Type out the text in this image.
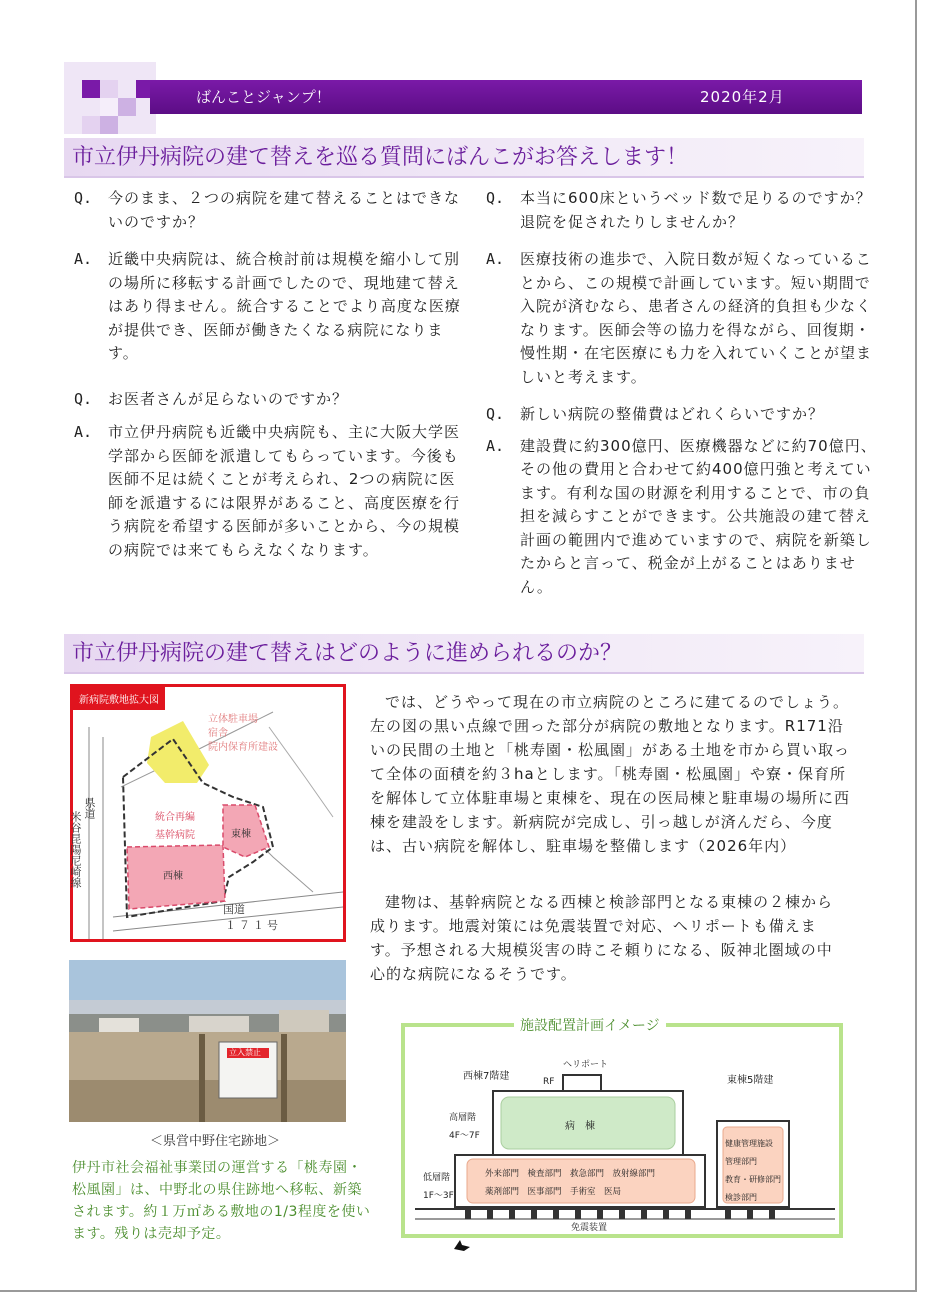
ばんことジャンプ！	2020年2月
市立伊丹病院の建て替えを巡る質問にばんこがお答えします！
Q.	今のまま、２つの病院を建て替えることはできないのですか？
A.	近畿中央病院は、統合検討前は規模を縮小して別の場所に移転する計画でしたので、現地建て替えはあり得ません。統合することでより高度な医療が提供でき、医師が働きたくなる病院になります。
Q.	お医者さんが足らないのですか？
A.	市立伊丹病院も近畿中央病院も、主に大阪大学医学部から医師を派遣してもらっています。今後も医師不足は続くことが考えられ、2つの病院に医師を派遣するには限界があること、高度医療を行う病院を希望する医師が多いことから、今の規模の病院では来てもらえなくなります。
Q.	本当に600床というベッド数で足りるのですか？退院を促されたりしませんか？
A.	医療技術の進歩で、入院日数が短くなっていることから、この規模で計画しています。短い期間で入院が済むなら、患者さんの経済的負担も少なくなります。医師会等の協力を得ながら、回復期・慢性期・在宅医療にも力を入れていくことが望ましいと考えます。
Q.	新しい病院の整備費はどれくらいですか？
A.	建設費に約300億円、医療機器などに約70億円、その他の費用と合わせて約400億円強と考えています。有利な国の財源を利用することで、市の負担を減らすことができます。公共施設の建て替え計画の範囲内で進めていますので、病院を新築したからと言って、税金が上がることはありません。
市立伊丹病院の建て替えはどのように進められるのか？
新病院敷地拡大図
立体駐車場
宿舎
院内保育所建設
統合再編
基幹病院	東棟
西棟
県道
米谷昆陽尼崎線
国道
１７１号
立入禁止
＜県営中野住宅跡地＞
伊丹市社会福祉事業団の運営する「桃寿園・松風園」は、中野北の県住跡地へ移転、新築されます。約１万㎡ある敷地の1/3程度を使います。残りは売却予定。
では、どうやって現在の市立病院のところに建てるのでしょう。左の図の黒い点線で囲った部分が病院の敷地となります。R171沿いの民間の土地と「桃寿園・松風園」がある土地を市から買い取って全体の面積を約３haとします。「桃寿園・松風園」や寮・保育所を解体して立体駐車場と東棟を、現在の医局棟と駐車場の場所に西棟を建設をします。新病院が完成し、引っ越しが済んだら、今度は、古い病院を解体し、駐車場を整備します（2026年内）
建物は、基幹病院となる西棟と検診部門となる東棟の２棟から成ります。地震対策には免震装置で対応、ヘリポートも備えます。予想される大規模災害の時こそ頼りになる、阪神北圏域の中心的な病院になるそうです。
西棟7階建	東棟5階建
ヘリポート
RF
高層階
4F〜7F
低層階
1F〜3F
病　棟
外来部門　検査部門　救急部門　放射線部門
薬剤部門　医事部門　手術室　医局
健康管理施設
管理部門
教育・研修部門
検診部門
免震装置
施設配置計画イメージ
